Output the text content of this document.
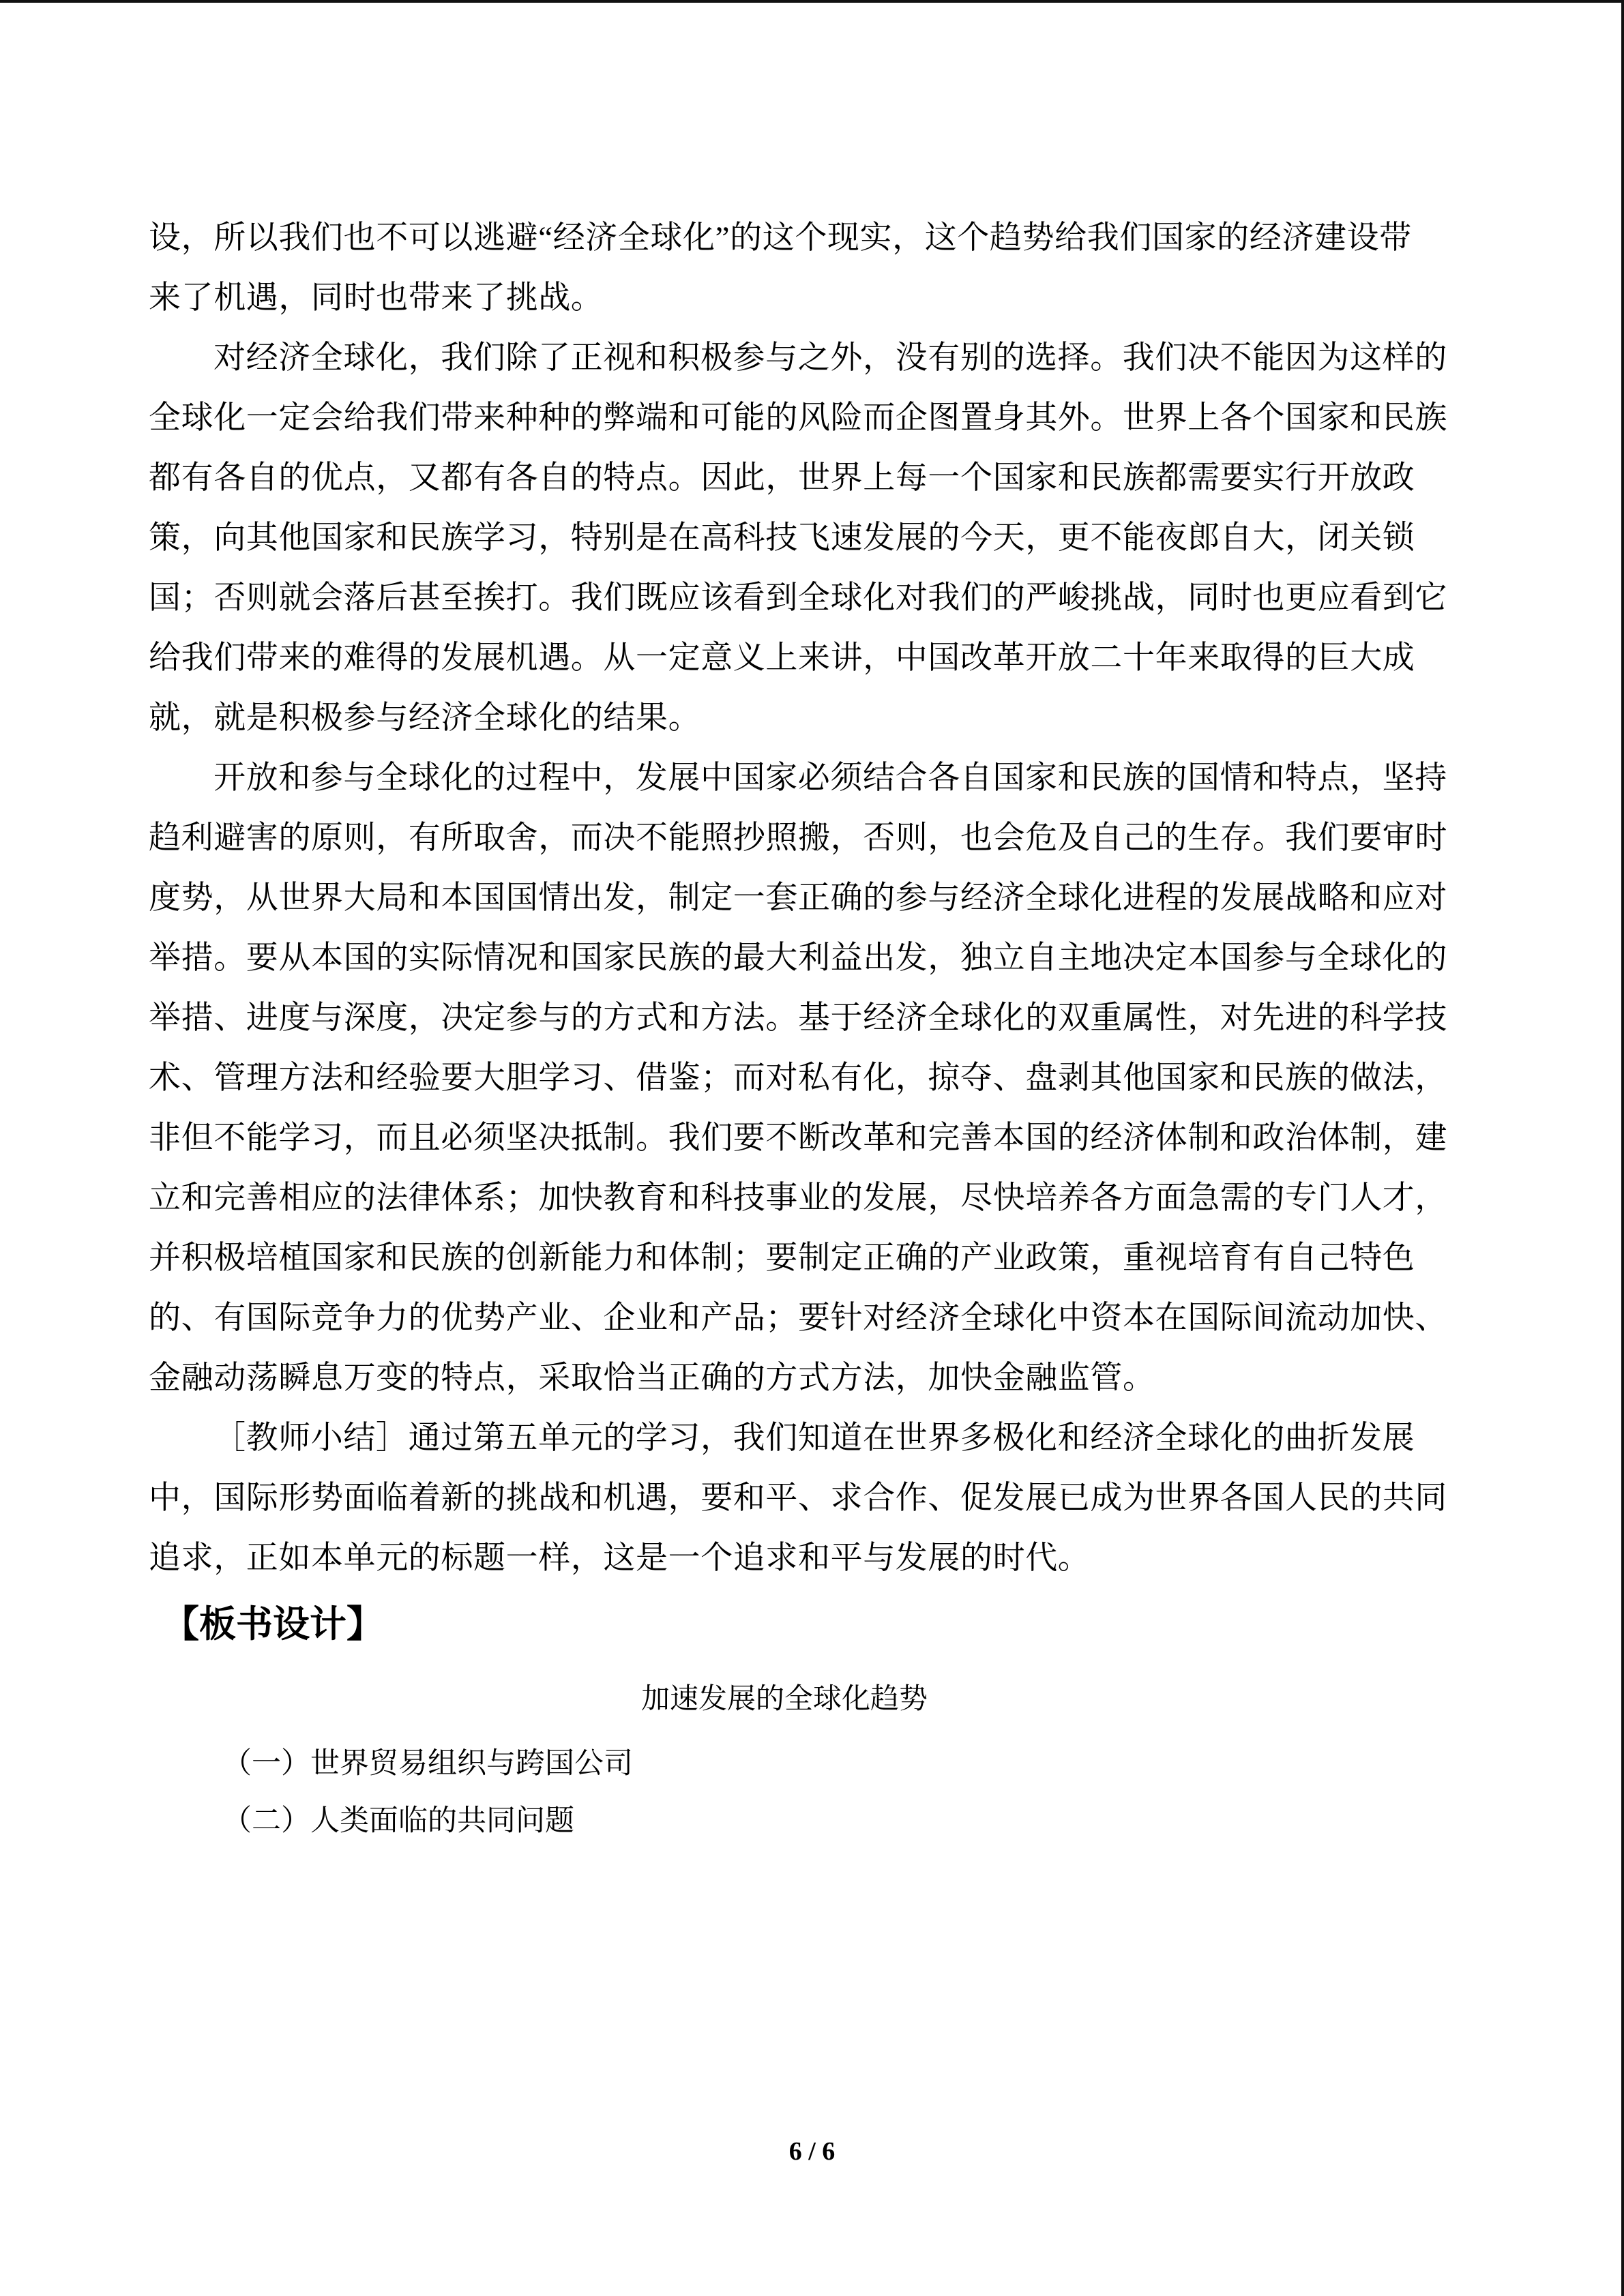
设，所以我们也不可以逃避“经济全球化”的这个现实，这个趋势给我们国家的经济建设带
来了机遇，同时也带来了挑战。
对经济全球化，我们除了正视和积极参与之外，没有别的选择。我们决不能因为这样的
全球化一定会给我们带来种种的弊端和可能的风险而企图置身其外。世界上各个国家和民族
都有各自的优点，又都有各自的特点。因此，世界上每一个国家和民族都需要实行开放政
策，向其他国家和民族学习，特别是在高科技飞速发展的今天，更不能夜郎自大，闭关锁
国；否则就会落后甚至挨打。我们既应该看到全球化对我们的严峻挑战，同时也更应看到它
给我们带来的难得的发展机遇。从一定意义上来讲，中国改革开放二十年来取得的巨大成
就，就是积极参与经济全球化的结果。
开放和参与全球化的过程中，发展中国家必须结合各自国家和民族的国情和特点，坚持
趋利避害的原则，有所取舍，而决不能照抄照搬，否则，也会危及自己的生存。我们要审时
度势，从世界大局和本国国情出发，制定一套正确的参与经济全球化进程的发展战略和应对
举措。要从本国的实际情况和国家民族的最大利益出发，独立自主地决定本国参与全球化的
举措、进度与深度，决定参与的方式和方法。基于经济全球化的双重属性，对先进的科学技
术、管理方法和经验要大胆学习、借鉴；而对私有化，掠夺、盘剥其他国家和民族的做法，
非但不能学习，而且必须坚决抵制。我们要不断改革和完善本国的经济体制和政治体制，建
立和完善相应的法律体系；加快教育和科技事业的发展，尽快培养各方面急需的专门人才，
并积极培植国家和民族的创新能力和体制；要制定正确的产业政策，重视培育有自己特色
的、有国际竞争力的优势产业、企业和产品；要针对经济全球化中资本在国际间流动加快、
金融动荡瞬息万变的特点，采取恰当正确的方式方法，加快金融监管。
［教师小结］通过第五单元的学习，我们知道在世界多极化和经济全球化的曲折发展
中，国际形势面临着新的挑战和机遇，要和平、求合作、促发展已成为世界各国人民的共同
追求，正如本单元的标题一样，这是一个追求和平与发展的时代。
【板书设计】
加速发展的全球化趋势
（一）世界贸易组织与跨国公司
（二）人类面临的共同问题
6 / 6
